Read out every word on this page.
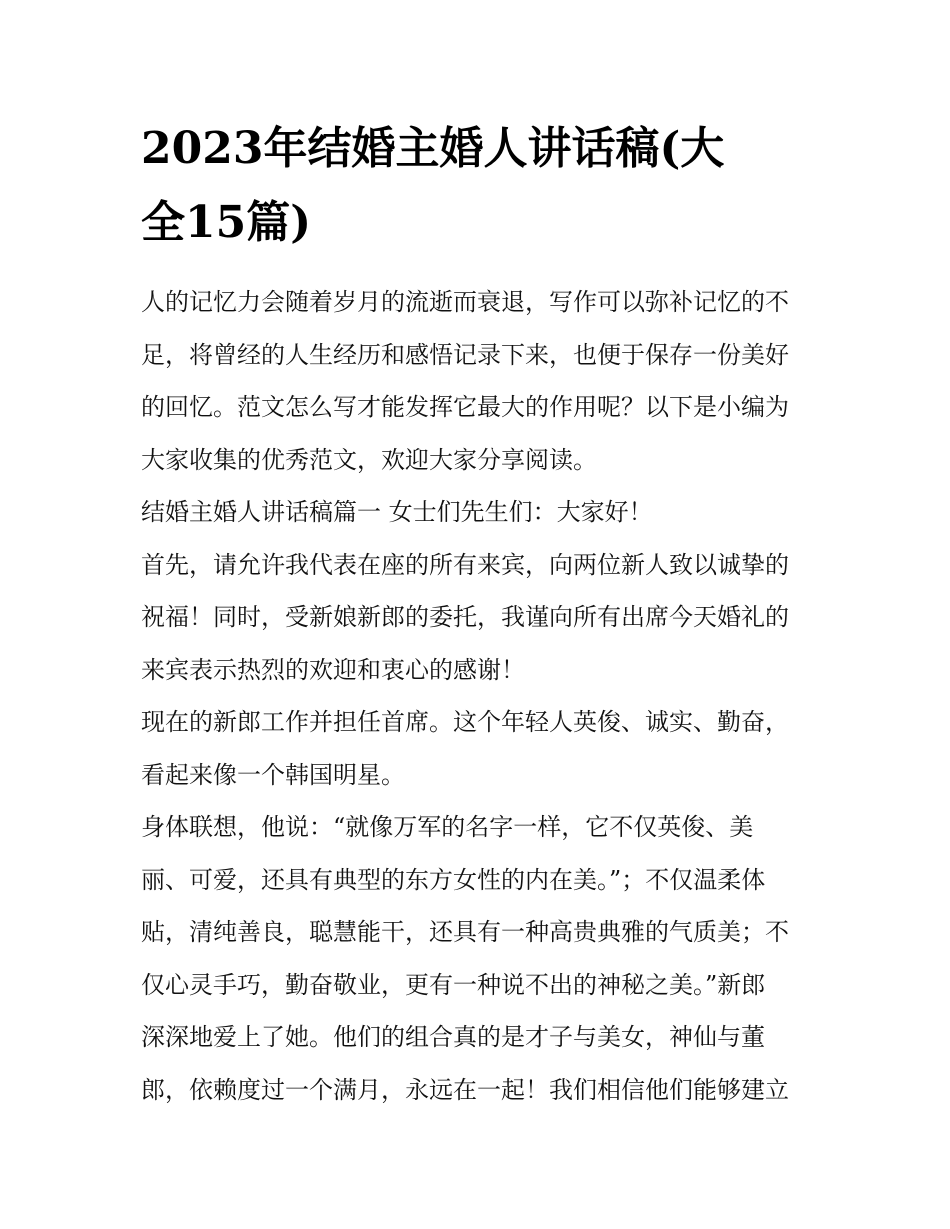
2023年结婚主婚人讲话稿(大
全15篇)

人的记忆力会随着岁月的流逝而衰退，写作可以弥补记忆的不
足，将曾经的人生经历和感悟记录下来，也便于保存一份美好
的回忆。范文怎么写才能发挥它最大的作用呢？以下是小编为
大家收集的优秀范文，欢迎大家分享阅读。

结婚主婚人讲话稿篇一 女士们先生们：大家好！

首先，请允许我代表在座的所有来宾，向两位新人致以诚挚的
祝福！同时，受新娘新郎的委托，我谨向所有出席今天婚礼的
来宾表示热烈的欢迎和衷心的感谢！

现在的新郎工作并担任首席。这个年轻人英俊、诚实、勤奋，
看起来像一个韩国明星。

身体联想，他说：“就像万军的名字一样，它不仅英俊、美
丽、可爱，还具有典型的东方女性的内在美。”；不仅温柔体
贴，清纯善良，聪慧能干，还具有一种高贵典雅的气质美；不
仅心灵手巧，勤奋敬业，更有一种说不出的神秘之美。”新郎
深深地爱上了她。他们的组合真的是才子与美女，神仙与董
郎，依赖度过一个满月，永远在一起！我们相信他们能够建立
